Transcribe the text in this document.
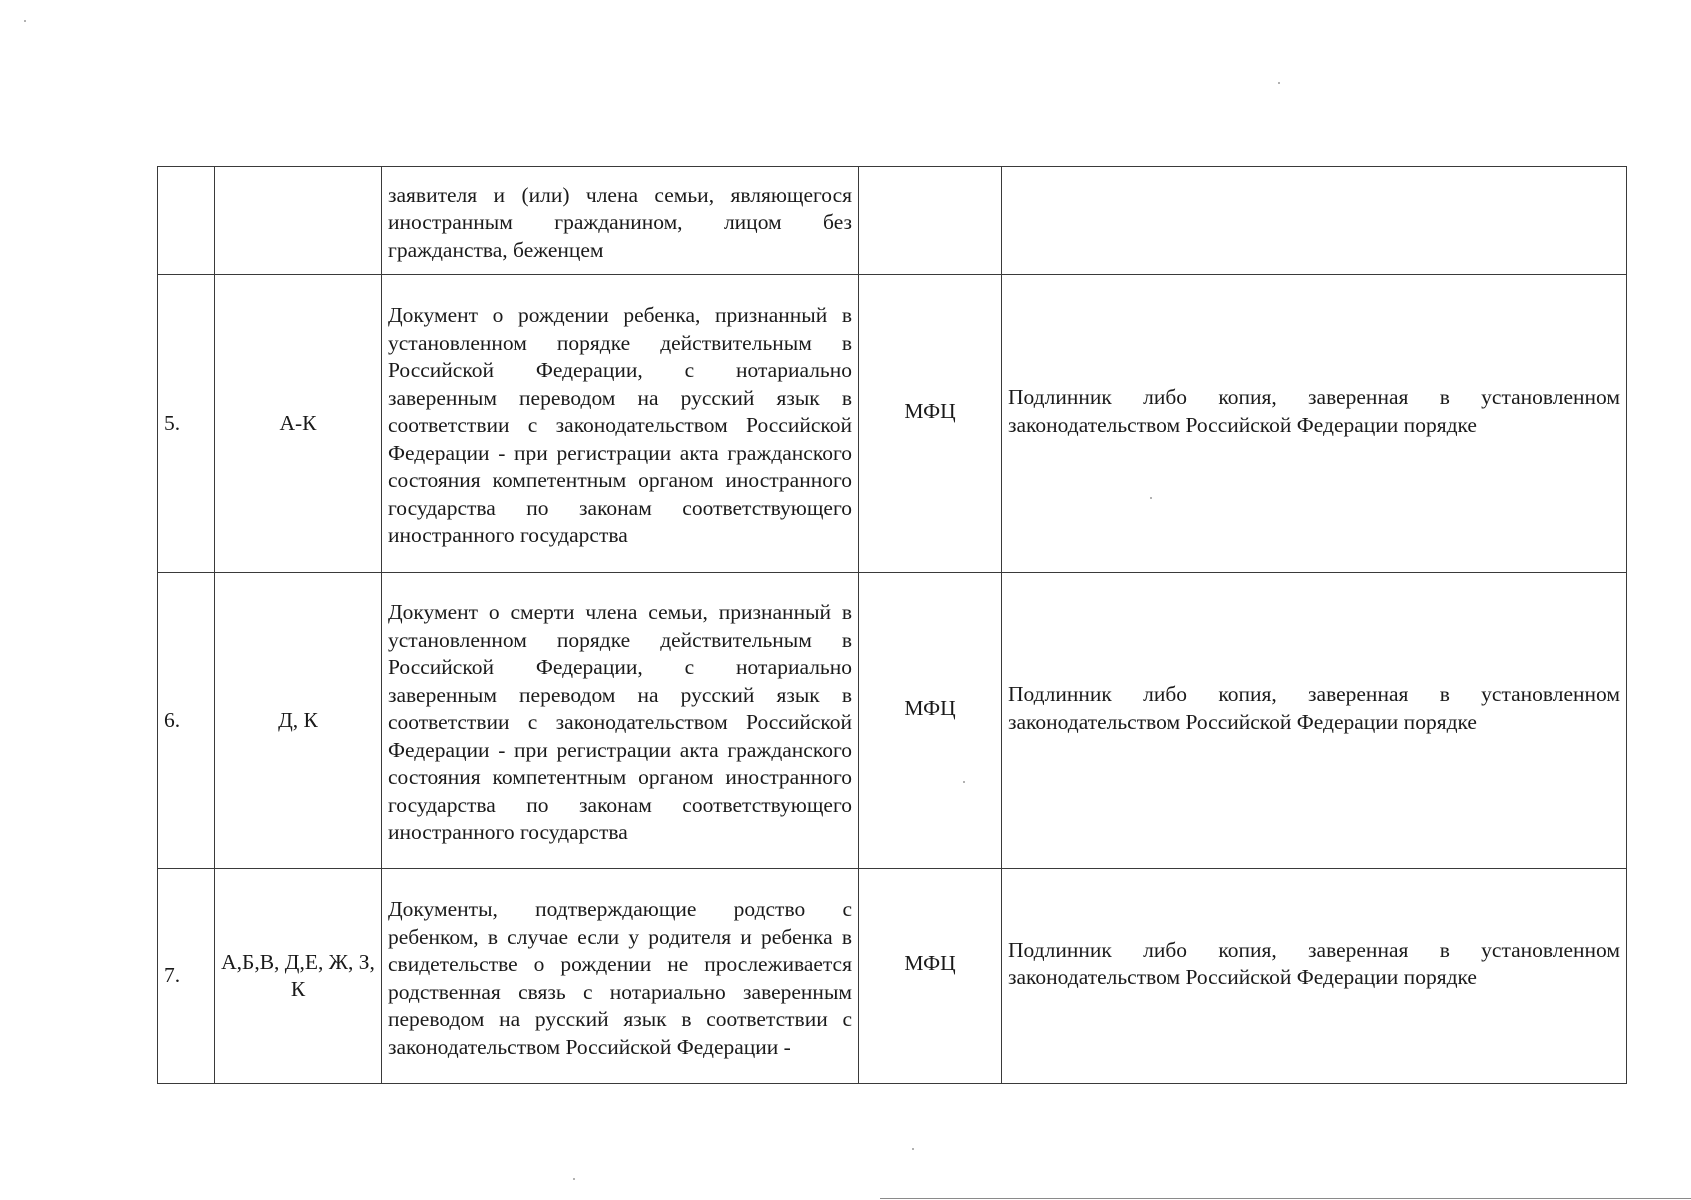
		заявителя и (или) члена семьи, являющегося иностранным гражданином, лицом без гражданства, беженцем		
5.	А-К	Документ о рождении ребенка, признанный в установленном порядке действительным в Российской Федерации, с нотариально заверенным переводом на русский язык в соответствии с законодательством Российской Федерации - при регистрации акта гражданского состояния компетентным органом иностранного государства по законам соответствующего иностранного государства	МФЦ	Подлинник либо копия, заверенная в установленном законодательством Российской Федерации порядке

6.	Д, К	Документ о смерти члена семьи, признанный в установленном порядке действительным в Российской Федерации, с нотариально заверенным переводом на русский язык в соответствии с законодательством Российской Федерации - при регистрации акта гражданского состояния компетентным органом иностранного государства по законам соответствующего иностранного государства	МФЦ	Подлинник либо копия, заверенная в установленном законодательством Российской Федерации порядке

7.	А,Б,В, Д,Е, Ж, З, К	Документы, подтверждающие родство с ребенком, в случае если у родителя и ребенка в свидетельстве о рождении не прослеживается родственная связь с нотариально заверенным переводом на русский язык в соответствии с законодательством Российской Федерации -	МФЦ	Подлинник либо копия, заверенная в установленном законодательством Российской Федерации порядке
